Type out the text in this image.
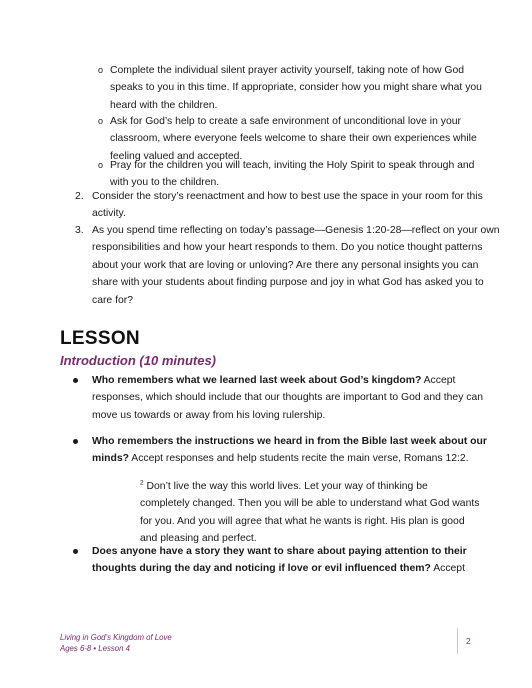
o Complete the individual silent prayer activity yourself, taking note of how God speaks to you in this time. If appropriate, consider how you might share what you heard with the children.
o Ask for God’s help to create a safe environment of unconditional love in your classroom, where everyone feels welcome to share their own experiences while feeling valued and accepted.
o Pray for the children you will teach, inviting the Holy Spirit to speak through and with you to the children.
2. Consider the story’s reenactment and how to best use the space in your room for this activity.
3. As you spend time reflecting on today’s passage—Genesis 1:20-28—reflect on your own responsibilities and how your heart responds to them. Do you notice thought patterns about your work that are loving or unloving? Are there any personal insights you can share with your students about finding purpose and joy in what God has asked you to care for?
LESSON
Introduction (10 minutes)
Who remembers what we learned last week about God’s kingdom? Accept responses, which should include that our thoughts are important to God and they can move us towards or away from his loving rulership.
Who remembers the instructions we heard in from the Bible last week about our minds? Accept responses and help students recite the main verse, Romans 12:2.
$^2$ Don’t live the way this world lives. Let your way of thinking be completely changed. Then you will be able to understand what God wants for you. And you will agree that what he wants is right. His plan is good and pleasing and perfect.
Does anyone have a story they want to share about paying attention to their thoughts during the day and noticing if love or evil influenced them? Accept
Living in God’s Kingdom of Love
Ages 6-8 • Lesson 4
2
